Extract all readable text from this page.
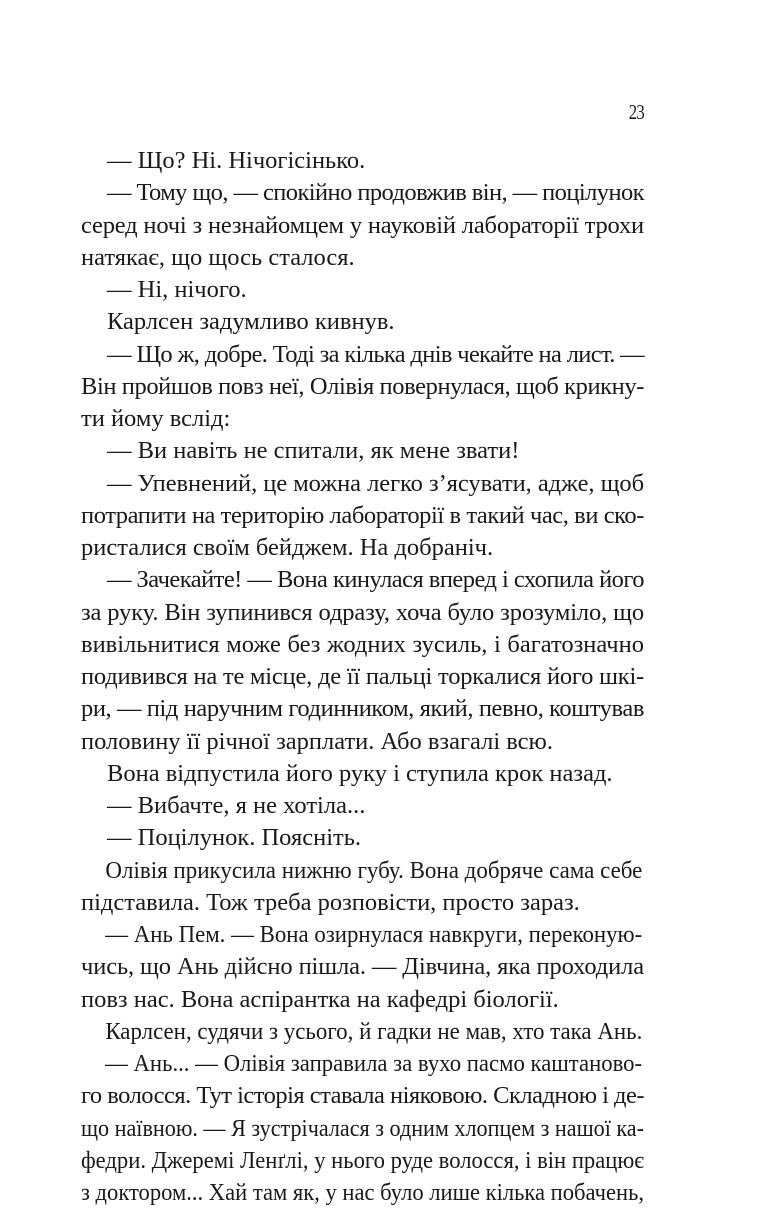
23
— Що? Ні. Нічогісінько.
— Тому що, — спокійно продовжив він, — поцілунок
серед ночі з незнайомцем у науковій лабораторії трохи
натякає, що щось сталося.
— Ні, нічого.
Карлсен задумливо кивнув.
— Що ж, добре. Тоді за кілька днів чекайте на лист. —
Він пройшов повз неї, Олівія повернулася, щоб крикну-
ти йому вслід:
— Ви навіть не спитали, як мене звати!
— Упевнений, це можна легко з’ясувати, адже, щоб
потрапити на територію лабораторії в такий час, ви ско-
ристалися своїм бейджем. На добраніч.
— Зачекайте! — Вона кинулася вперед і схопила його
за руку. Він зупинився одразу, хоча було зрозуміло, що
вивільнитися може без жодних зусиль, і багатозначно
подивився на те місце, де її пальці торкалися його шкі-
ри, — під наручним годинником, який, певно, коштував
половину її річної зарплати. Або взагалі всю.
Вона відпустила його руку і ступила крок назад.
— Вибачте, я не хотіла...
— Поцілунок. Поясніть.
Олівія прикусила нижню губу. Вона добряче сама себе
підставила. Тож треба розповісти, просто зараз.
— Ань Пем. — Вона озирнулася навкруги, переконую-
чись, що Ань дійсно пішла. — Дівчина, яка проходила
повз нас. Вона аспірантка на кафедрі біології.
Карлсен, судячи з усього, й гадки не мав, хто така Ань.
— Ань... — Олівія заправила за вухо пасмо каштаново-
го волосся. Тут історія ставала ніяковою. Складною і де-
що наївною. — Я зустрічалася з одним хлопцем з нашої ка-
федри. Джеремі Ленґлі, у нього руде волосся, і він працює
з доктором... Хай там як, у нас було лише кілька побачень,
